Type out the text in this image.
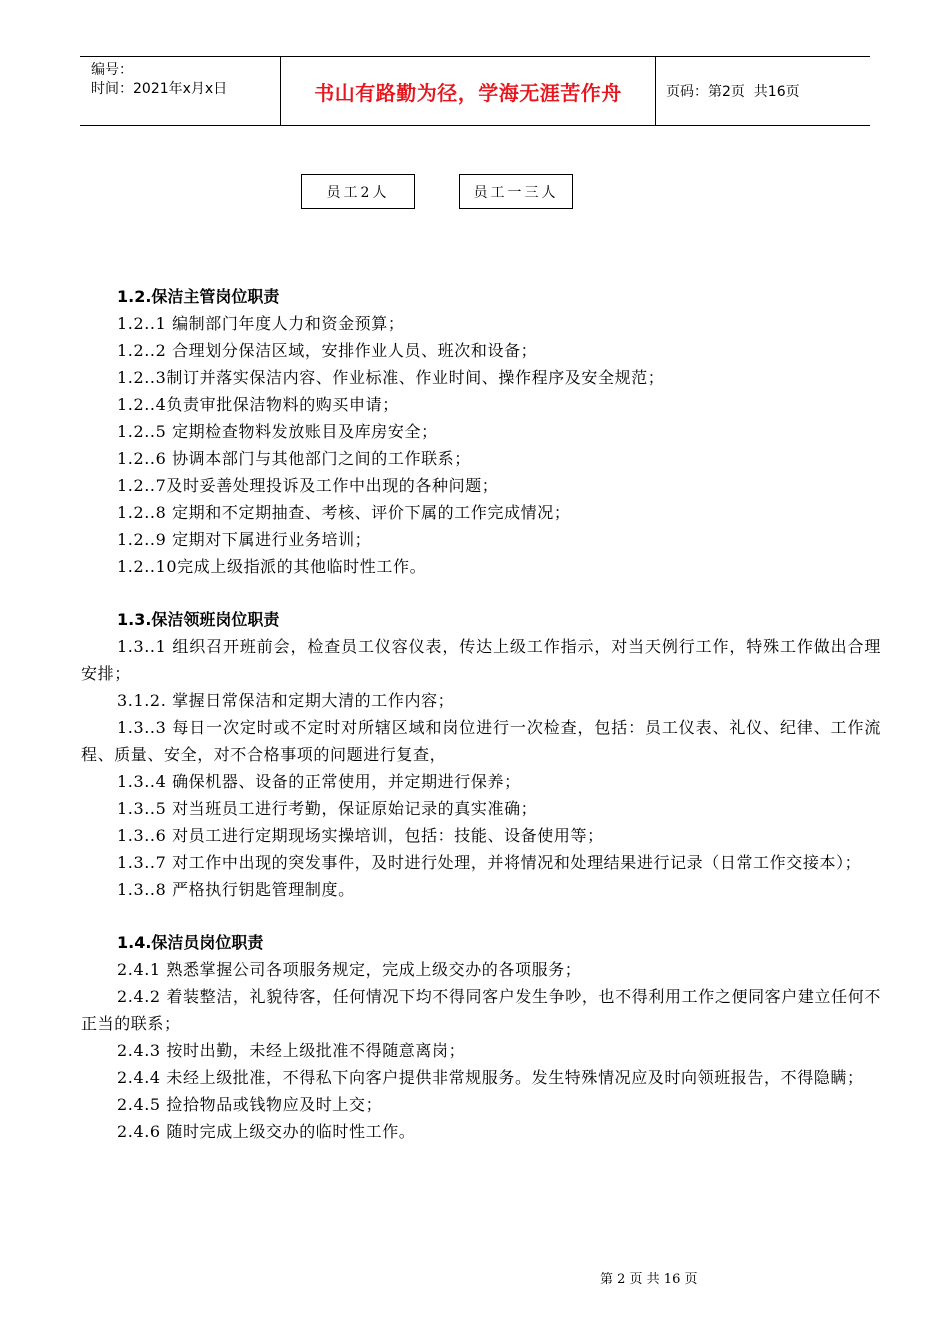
编号：
时间：2021年x月x日	书山有路勤为径，学海无涯苦作舟	页码：第2页  共16页
员工2人	员工一三人
1.2.保洁主管岗位职责
1.2..1 编制部门年度人力和资金预算；
1.2..2 合理划分保洁区域，安排作业人员、班次和设备；
1.2..3制订并落实保洁内容、作业标准、作业时间、操作程序及安全规范；
1.2..4负责审批保洁物料的购买申请；
1.2..5 定期检查物料发放账目及库房安全；
1.2..6 协调本部门与其他部门之间的工作联系；
1.2..7及时妥善处理投诉及工作中出现的各种问题；
1.2..8 定期和不定期抽查、考核、评价下属的工作完成情况；
1.2..9 定期对下属进行业务培训；
1.2..10完成上级指派的其他临时性工作。
1.3.保洁领班岗位职责
1.3..1 组织召开班前会，检查员工仪容仪表，传达上级工作指示，对当天例行工作，特殊工作做出合理安排；
3.1.2. 掌握日常保洁和定期大清的工作内容；
1.3..3 每日一次定时或不定时对所辖区域和岗位进行一次检查，包括：员工仪表、礼仪、纪律、工作流程、质量、安全，对不合格事项的问题进行复查，
1.3..4 确保机器、设备的正常使用，并定期进行保养；
1.3..5 对当班员工进行考勤，保证原始记录的真实准确；
1.3..6 对员工进行定期现场实操培训，包括：技能、设备使用等；
1.3..7 对工作中出现的突发事件，及时进行处理，并将情况和处理结果进行记录（日常工作交接本）；
1.3..8 严格执行钥匙管理制度。
1.4.保洁员岗位职责
2.4.1 熟悉掌握公司各项服务规定，完成上级交办的各项服务；
2.4.2 着装整洁，礼貌待客，任何情况下均不得同客户发生争吵，也不得利用工作之便同客户建立任何不正当的联系；
2.4.3 按时出勤，未经上级批准不得随意离岗；
2.4.4 未经上级批准，不得私下向客户提供非常规服务。发生特殊情况应及时向领班报告，不得隐瞒；
2.4.5 捡拾物品或钱物应及时上交；
2.4.6 随时完成上级交办的临时性工作。
第 2 页 共 16 页
